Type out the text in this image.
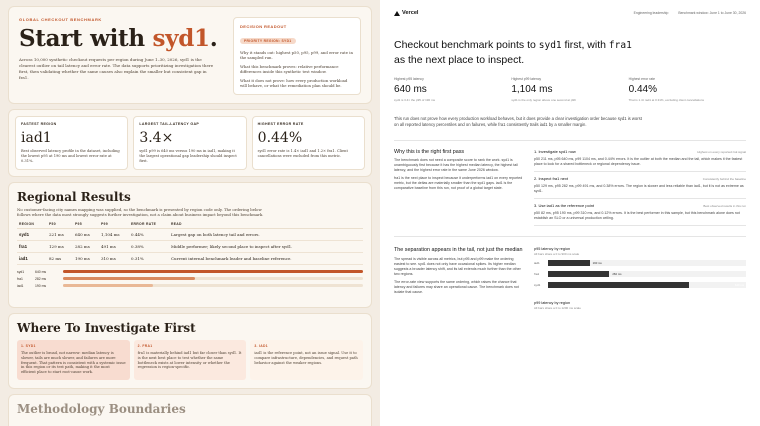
GLOBAL CHECKOUT BENCHMARK
Start with syd1.
Across 10,000 synthetic checkout requests per region during June 1–30, 2026, syd1 is the clearest outlier on tail latency and error rate. The data supports prioritizing investigation there first, then validating whether the same causes also explain the smaller but consistent gap in fra1.
DECISION READOUT
PRIORITY REGION: SYD1

Why it stands out: highest p50, p95, p99, and error rate in the sampled run.

What this benchmark proves: relative performance differences inside this synthetic test window.

What it does not prove: how every production workload will behave, or what the remediation plan should be.

FASTEST REGION
iad1
Best observed latency profile in the dataset, including the lowest p95 at 190 ms and lowest error rate at 0.31%.
LARGEST TAIL-LATENCY GAP
3.4×
syd1 p99 is 640 ms versus 190 ms in iad1, making it the largest operational gap leadership should inspect first.
HIGHEST ERROR RATE
0.44%
syd1 error rate is 1.4× iad1 and 1.2× fra1. Client cancellations were excluded from this metric.
Regional Results
No customer-facing city names mapping was supplied, so the benchmark is presented by region code only. The ordering below follows where the data most strongly suggests further investigation, not a claim about business impact beyond this benchmark.
REGION	P50	P95	P99	ERROR RATE	READ
syd1	221 ms	640 ms	1,104 ms	0.44%	Largest gap on both latency tail and errors.
fra1	129 ms	282 ms	491 ms	0.38%	Middle performer; likely second place to inspect after syd1.
iad1	82 ms	190 ms	310 ms	0.31%	Current internal benchmark leader and baseline reference.
syd1	640 ms
fra1	282 ms
iad1	190 ms
Where To Investigate First
1. SYD1

The outlier is broad, not narrow: median latency is slower, tails are much slower, and failures are more frequent. That pattern is consistent with a systemic issue in this region or its test path, making it the most efficient place to start root-cause work.

2. FRA1

fra1 is materially behind iad1 but far closer than syd1. It is the next best place to test whether the same bottleneck exists at lower intensity or whether the regression is region-specific.

3. IAD1

iad1 is the reference point, not an issue signal. Use it to compare infrastructure, dependencies, and request path behavior against the weaker regions.

Methodology Boundaries
Vercel	Engineering leadership	Benchmark window: June 1 to June 30, 2026
Checkout benchmark points to syd1 first, with fra1 as the next place to inspect.
Highest p95 latency
640 ms
syd1 is 3.4× the p95 of 190 ms
Highest p99 latency
1,104 ms
syd1 is the only region above one second at p99
Highest error rate
0.44%
That is 1.4× iad1 at 0.31%, excluding client cancellations
This run does not prove how every production workload behaves, but it does provide a clear investigation order because syd1 is worst on all reported latency percentiles and on failures, while fra1 consistently trails iad1 by a smaller margin.
Why this is the right first pass

The benchmark does not need a composite score to rank the work. syd1 is unambiguously first because it has the highest median latency, the highest tail latency, and the highest error rate in the same June 2026 window.

fra1 is the next place to inspect because it underperforms iad1 on every reported metric, but the deltas are materially smaller than the syd1 gaps. iad1 is the comparative baseline from this run, not proof of a global target state.

1. Investigate syd1 now	Highest on every reported risk signal

p50 211 ms, p95 640 ms, p99 1104 ms, and 0.44% errors. It is the outlier at both the median and the tail, which makes it the fastest place to look for a shared bottleneck or regional dependency issue.

2. Inspect fra1 next	Consistently behind the baseline

p50 129 ms, p95 282 ms, p99 491 ms, and 0.38% errors. The region is slower and less reliable than iad1, but it is not as extreme as syd1.

3. Use iad1 as the reference point	Best observed results in this run

p50 82 ms, p95 190 ms, p99 310 ms, and 0.12% errors. It is the best performer in this sample, but this benchmark alone does not establish an SLO or a universal production ceiling.

The separation appears in the tail, not just the median

The spread is visible across all metrics, but p95 and p99 make the ordering easiest to see. syd1 does not only have occasional spikes. Its higher median suggests a broader latency shift, and its tail extends much further than the other two regions.

The error-rate view supports the same ordering, which raises the chance that latency and failures may share an operational cause. The benchmark does not isolate that cause.

p95 latency by region
All bars share a 0 to 900 ms scale
iad1	190 ms
fra1	282 ms
syd1	640 ms
p99 latency by region
All bars share a 0 to 1200 ms scale
